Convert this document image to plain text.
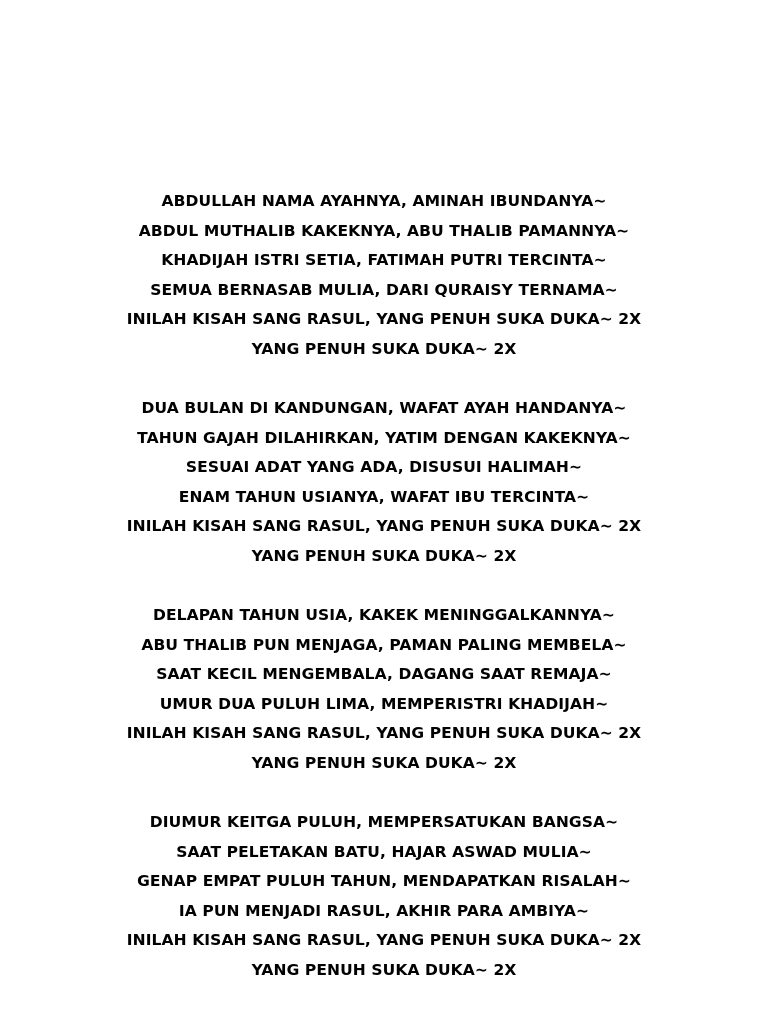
ABDULLAH NAMA AYAHNYA, AMINAH IBUNDANYA~
ABDUL MUTHALIB KAKEKNYA, ABU THALIB PAMANNYA~
KHADIJAH ISTRI SETIA, FATIMAH PUTRI TERCINTA~
SEMUA BERNASAB MULIA, DARI QURAISY TERNAMA~
INILAH KISAH SANG RASUL, YANG PENUH SUKA DUKA~ 2X
YANG PENUH SUKA DUKA~ 2X
DUA BULAN DI KANDUNGAN, WAFAT AYAH HANDANYA~
TAHUN GAJAH DILAHIRKAN, YATIM DENGAN KAKEKNYA~
SESUAI ADAT YANG ADA, DISUSUI HALIMAH~
ENAM TAHUN USIANYA, WAFAT IBU TERCINTA~
INILAH KISAH SANG RASUL, YANG PENUH SUKA DUKA~ 2X
YANG PENUH SUKA DUKA~ 2X
DELAPAN TAHUN USIA, KAKEK MENINGGALKANNYA~
ABU THALIB PUN MENJAGA, PAMAN PALING MEMBELA~
SAAT KECIL MENGEMBALA, DAGANG SAAT REMAJA~
UMUR DUA PULUH LIMA, MEMPERISTRI KHADIJAH~
INILAH KISAH SANG RASUL, YANG PENUH SUKA DUKA~ 2X
YANG PENUH SUKA DUKA~ 2X
DIUMUR KEITGA PULUH, MEMPERSATUKAN BANGSA~
SAAT PELETAKAN BATU, HAJAR ASWAD MULIA~
GENAP EMPAT PULUH TAHUN, MENDAPATKAN RISALAH~
IA PUN MENJADI RASUL, AKHIR PARA AMBIYA~
INILAH KISAH SANG RASUL, YANG PENUH SUKA DUKA~ 2X
YANG PENUH SUKA DUKA~ 2X
